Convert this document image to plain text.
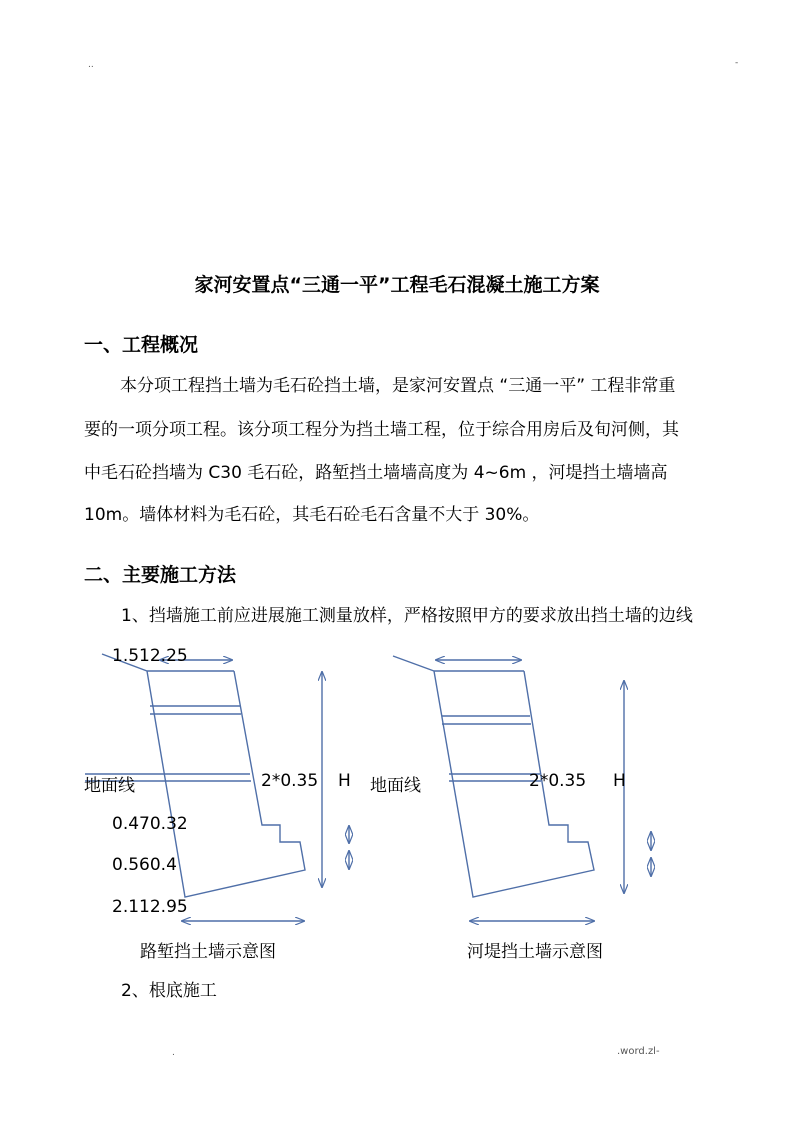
..	-
.	.word.zl-
家河安置点“三通一平”工程毛石混凝土施工方案
一、工程概况
本分项工程挡土墙为毛石砼挡土墙，是家河安置点 “三通一平” 工程非常重
要的一项分项工程。该分项工程分为挡土墙工程，位于综合用房后及旬河侧，其
中毛石砼挡墙为 C30 毛石砼，路堑挡土墙墙高度为 4~6m ，河堤挡土墙墙高
10m。墙体材料为毛石砼，其毛石砼毛石含量不大于 30%。
二、主要施工方法
1、挡墙施工前应进展施工测量放样，严格按照甲方的要求放出挡土墙的边线
1.512.25
地面线	2*0.35 H
0.470.32
0.560.4
2.112.95
路堑挡土墙示意图
地面线	2*0.35 H
河堤挡土墙示意图
2、根底施工
